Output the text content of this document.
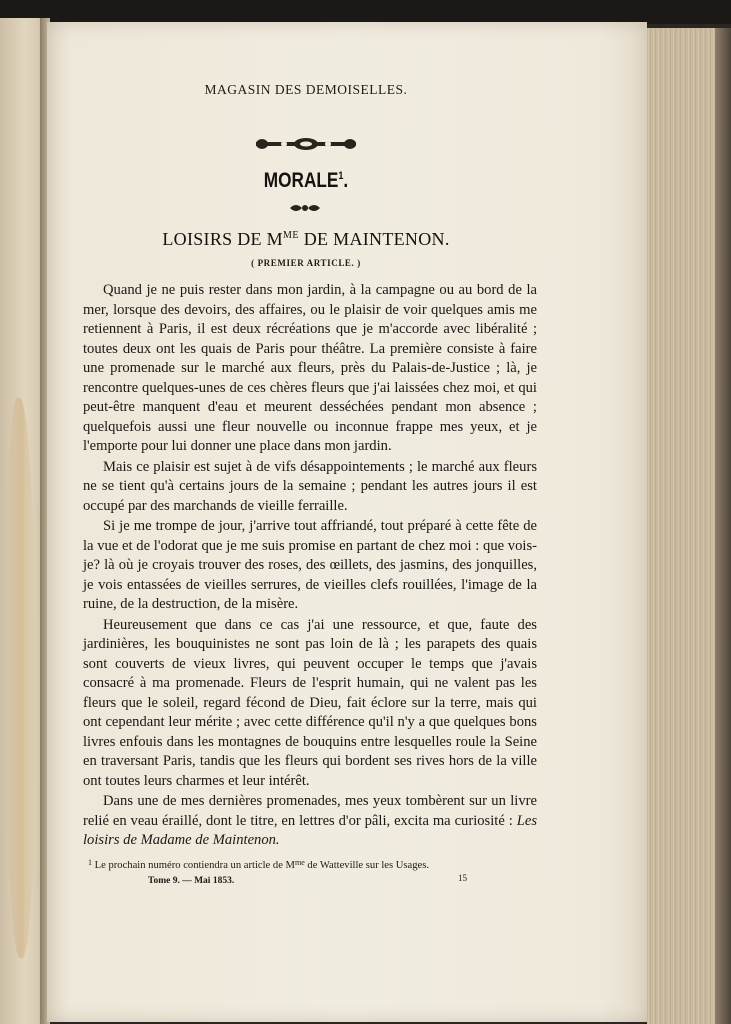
MAGASIN DES DEMOISELLES.
MORALE$^1$.
LOISIRS DE $M^{ME}$ DE MAINTENON.
( PREMIER ARTICLE. )

Quand je ne puis rester dans mon jardin, à la campagne ou au bord de la mer, lorsque des devoirs, des affaires, ou le plaisir de voir quelques amis me retiennent à Paris, il est deux récréations que je m'accorde avec libéralité ; toutes deux ont les quais de Paris pour théâtre. La première consiste à faire une promenade sur le marché aux fleurs, près du Palais-de-Justice ; là, je rencontre quelques-unes de ces chères fleurs que j'ai laissées chez moi, et qui peut-être manquent d'eau et meurent desséchées pendant mon absence ; quelquefois aussi une fleur nouvelle ou inconnue frappe mes yeux, et je l'emporte pour lui donner une place dans mon jardin.

Mais ce plaisir est sujet à de vifs désappointements ; le marché aux fleurs ne se tient qu'à certains jours de la semaine ; pendant les autres jours il est occupé par des marchands de vieille ferraille.

Si je me trompe de jour, j'arrive tout affriandé, tout préparé à cette fête de la vue et de l'odorat que je me suis promise en partant de chez moi : que vois-je? là où je croyais trouver des roses, des œillets, des jasmins, des jonquilles, je vois entassées de vieilles serrures, de vieilles clefs rouillées, l'image de la ruine, de la destruction, de la misère.

Heureusement que dans ce cas j'ai une ressource, et que, faute des jardinières, les bouquinistes ne sont pas loin de là ; les parapets des quais sont couverts de vieux livres, qui peuvent occuper le temps que j'avais consacré à ma promenade. Fleurs de l'esprit humain, qui ne valent pas les fleurs que le soleil, regard fécond de Dieu, fait éclore sur la terre, mais qui ont cependant leur mérite ; avec cette différence qu'il n'y a que quelques bons livres enfouis dans les montagnes de bouquins entre lesquelles roule la Seine en traversant Paris, tandis que les fleurs qui bordent ses rives hors de la ville ont toutes leurs charmes et leur intérêt.

Dans une de mes dernières promenades, mes yeux tombèrent sur un livre relié en veau éraillé, dont le titre, en lettres d'or pâli, excita ma curiosité : Les loisirs de Madame de Maintenon.

$^1$ Le prochain numéro contiendra un article de $M^{me}$ de Watteville sur les Usages.
Tome 9. — Mai 1853.	15
